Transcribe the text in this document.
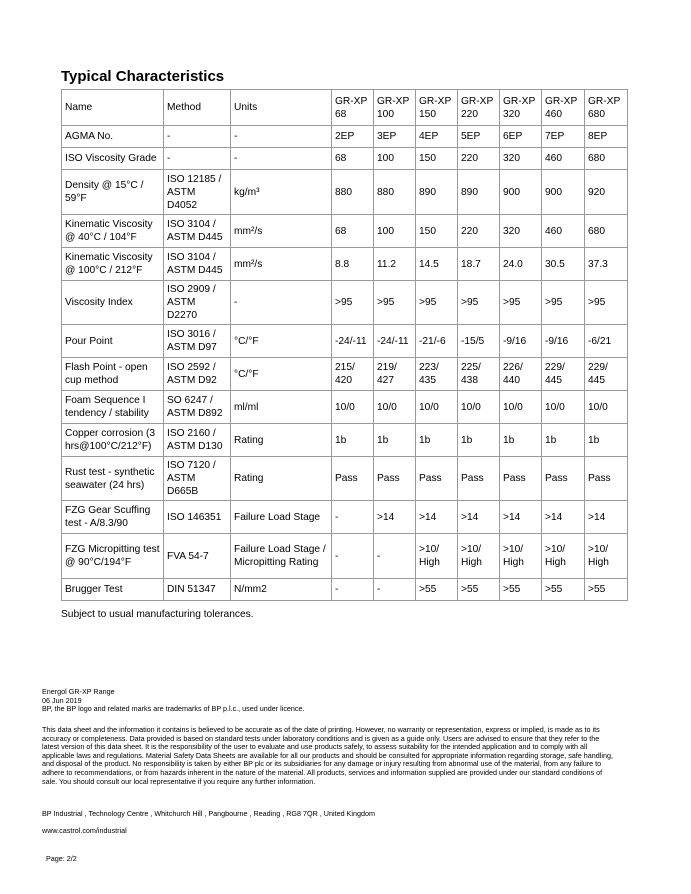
Typical Characteristics
Name	Method	Units	GR-XP 68	GR-XP 100	GR-XP 150	GR-XP 220	GR-XP 320	GR-XP 460	GR-XP 680
AGMA No.	-	-	2EP	3EP	4EP	5EP	6EP	7EP	8EP
ISO Viscosity Grade	-	-	68	100	150	220	320	460	680
Density @ 15°C / 59°F	ISO 12185 / ASTM D4052	kg/m³	880	880	890	890	900	900	920
Kinematic Viscosity @ 40°C / 104°F	ISO 3104 / ASTM D445	mm²/s	68	100	150	220	320	460	680
Kinematic Viscosity @ 100°C / 212°F	ISO 3104 / ASTM D445	mm²/s	8.8	11.2	14.5	18.7	24.0	30.5	37.3
Viscosity Index	ISO 2909 / ASTM D2270	-	>95	>95	>95	>95	>95	>95	>95
Pour Point	ISO 3016 / ASTM D97	°C/°F	-24/-11	-24/-11	-21/-6	-15/5	-9/16	-9/16	-6/21
Flash Point - open cup method	ISO 2592 / ASTM D92	°C/°F	215/ 420	219/ 427	223/ 435	225/ 438	226/ 440	229/ 445	229/ 445
Foam Sequence I tendency / stability	SO 6247 / ASTM D892	ml/ml	10/0	10/0	10/0	10/0	10/0	10/0	10/0
Copper corrosion (3 hrs@100°C/212°F)	ISO 2160 / ASTM D130	Rating	1b	1b	1b	1b	1b	1b	1b
Rust test - synthetic seawater (24 hrs)	ISO 7120 / ASTM D665B	Rating	Pass	Pass	Pass	Pass	Pass	Pass	Pass
FZG Gear Scuffing test - A/8.3/90	ISO 146351	Failure Load Stage	-	>14	>14	>14	>14	>14	>14
FZG Micropitting test @ 90°C/194°F	FVA 54-7	Failure Load Stage / Micropitting Rating	-	-	>10/ High	>10/ High	>10/ High	>10/ High	>10/ High
Brugger Test	DIN 51347	N/mm2	-	-	>55	>55	>55	>55	>55
Subject to usual manufacturing tolerances.

Energol GR-XP Range

06 Jun 2019

BP, the BP logo and related marks are trademarks of BP p.l.c., used under licence.

This data sheet and the information it contains is believed to be accurate as of the date of printing. However, no warranty or representation, express or implied, is made as to its accuracy or completeness. Data provided is based on standard tests under laboratory conditions and is given as a guide only. Users are advised to ensure that they refer to the latest version of this data sheet. It is the responsibility of the user to evaluate and use products safely, to assess suitability for the intended application and to comply with all applicable laws and regulations. Material Safety Data Sheets are available for all our products and should be consulted for appropriate information regarding storage, safe handling, and disposal of the product. No responsibility is taken by either BP plc or its subsidiaries for any damage or injury resulting from abnormal use of the material, from any failure to adhere to recommendations, or from hazards inherent in the nature of the material. All products, services and information supplied are provided under our standard conditions of sale. You should consult our local representative if you require any further information.
BP Industrial , Technology Centre , Whitchurch Hill , Pangbourne , Reading , RG8 7QR , United Kingdom
www.castrol.com/industrial
Page: 2/2
